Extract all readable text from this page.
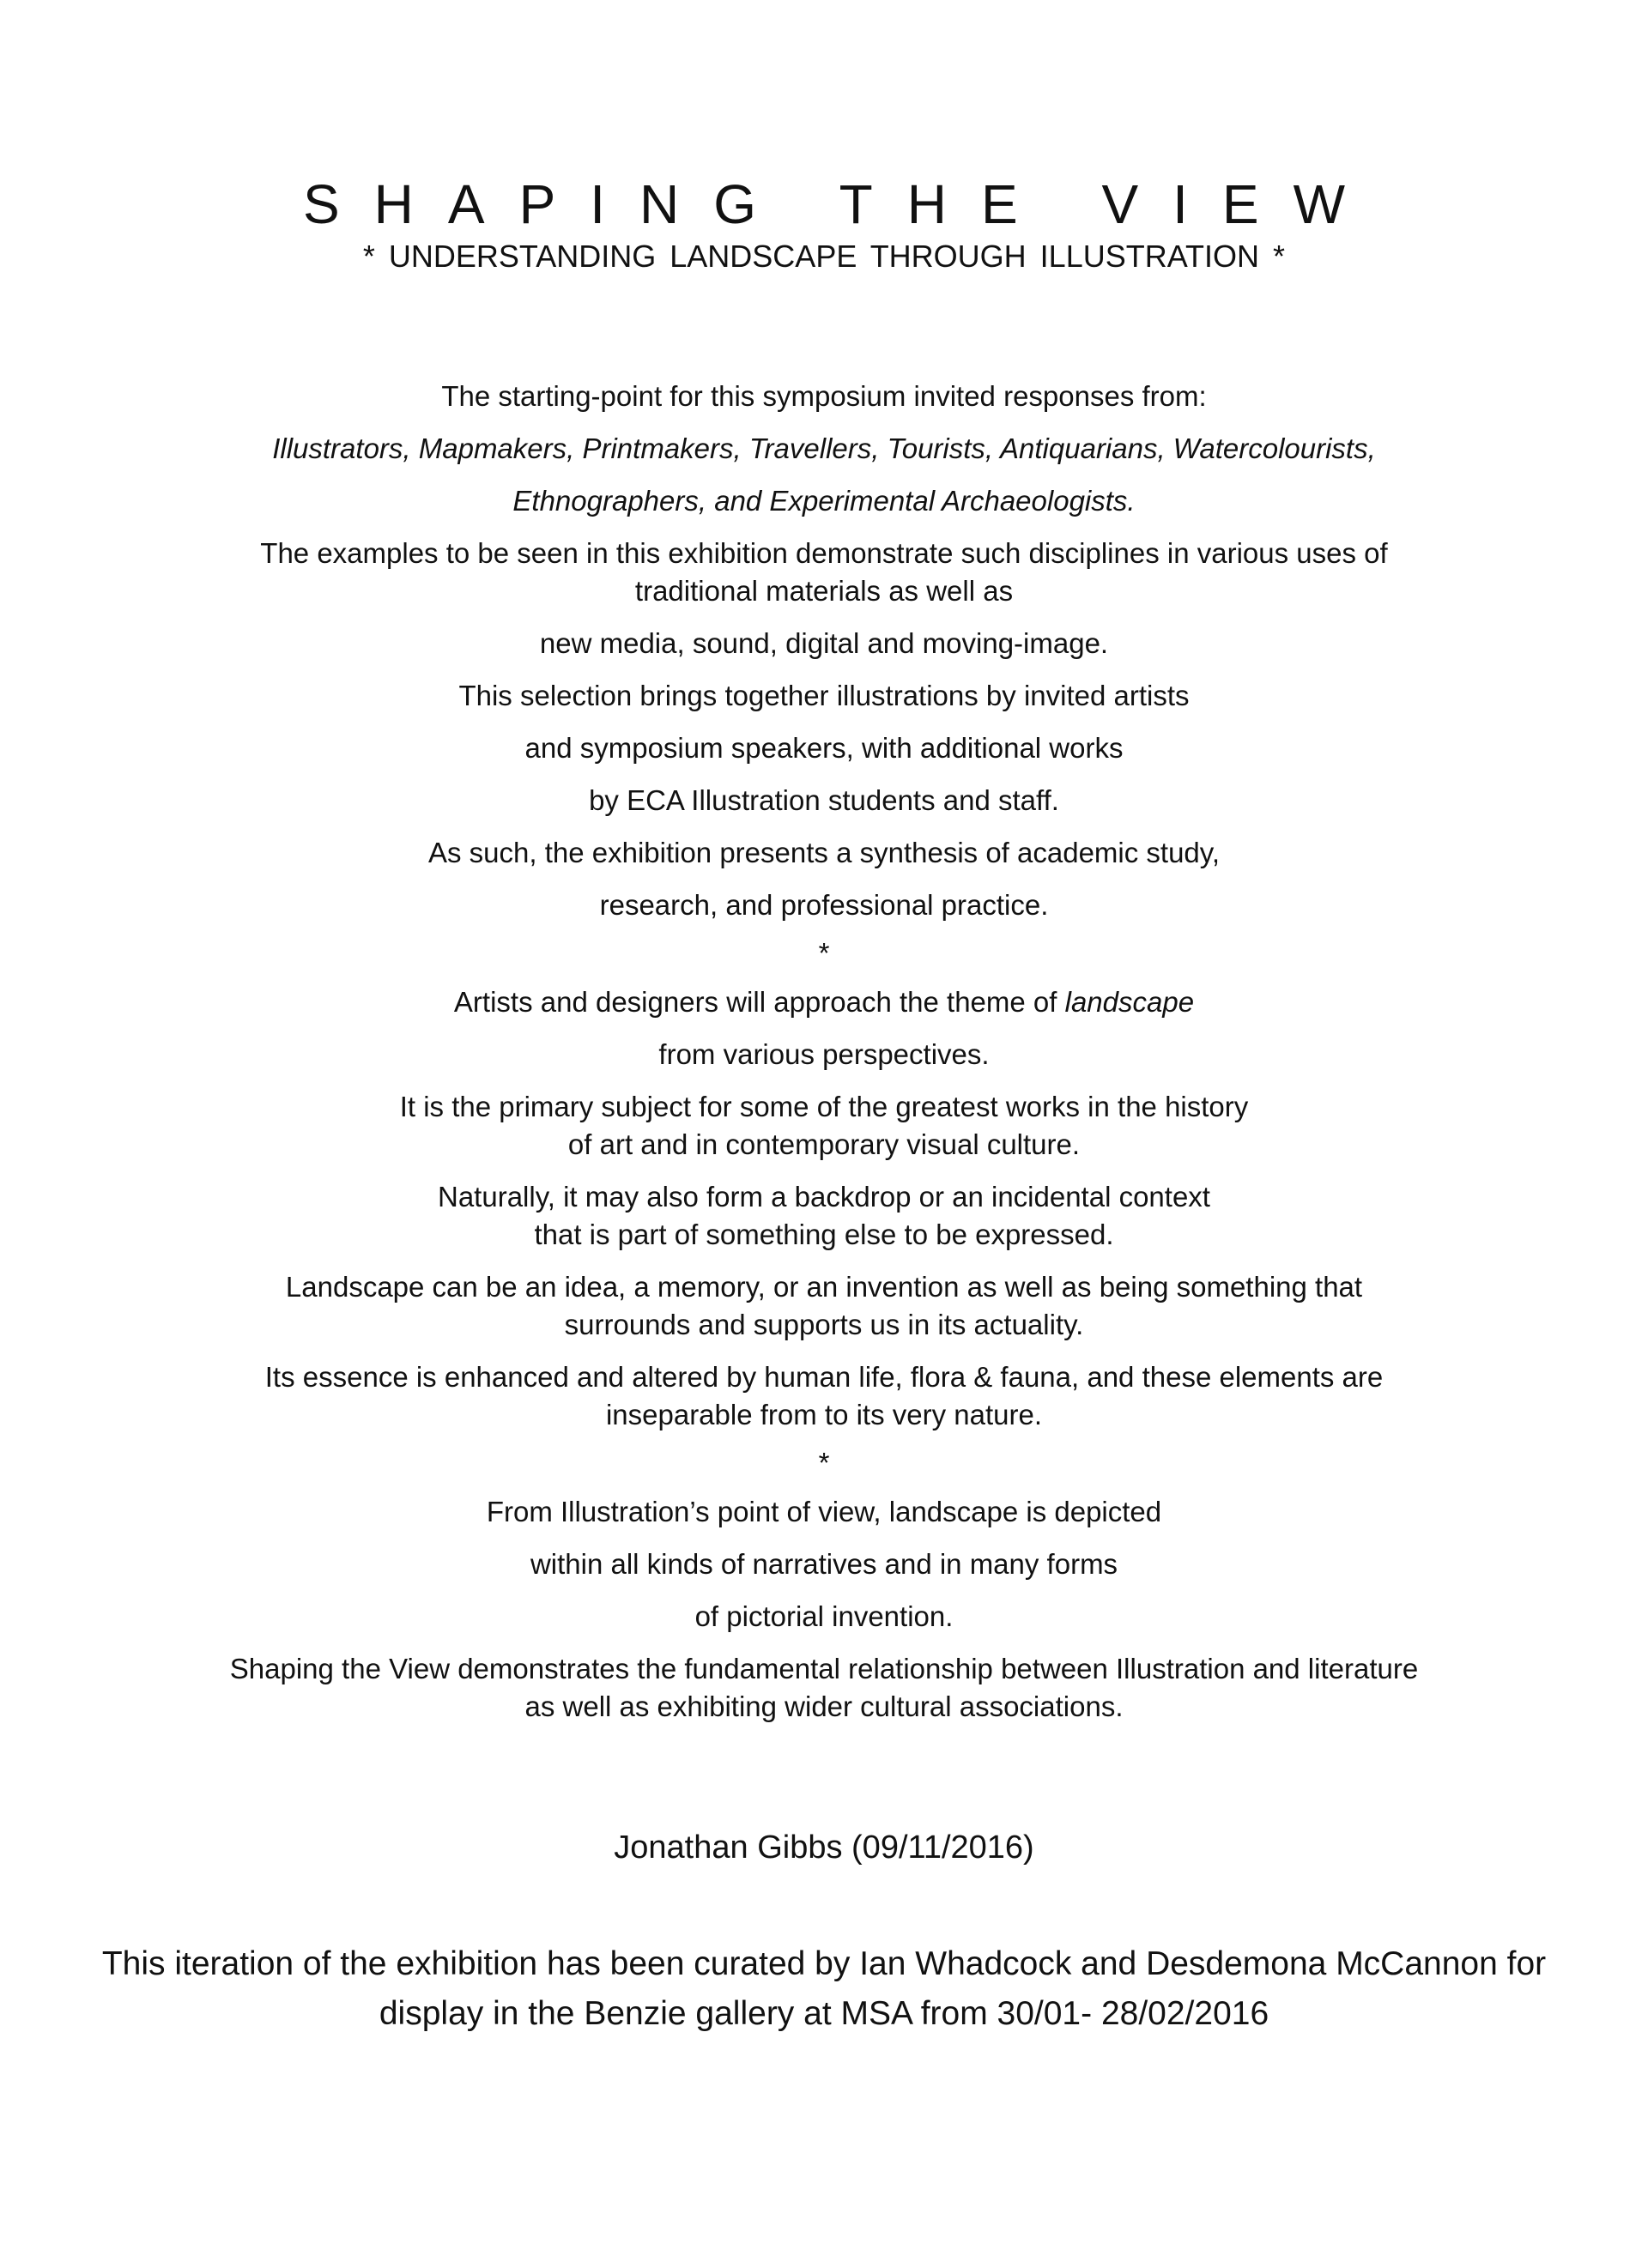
SHAPING THE VIEW

* UNDERSTANDING LANDSCAPE THROUGH ILLUSTRATION *

The starting-point for this symposium invited responses from:
Illustrators, Mapmakers, Printmakers, Travellers, Tourists, Antiquarians, Watercolourists,
Ethnographers, and Experimental Archaeologists.
The examples to be seen in this exhibition demonstrate such disciplines in various uses of
traditional materials as well as
new media, sound, digital and moving-image.
This selection brings together illustrations by invited artists
and symposium speakers, with additional works
by ECA Illustration students and staff.
As such, the exhibition presents a synthesis of academic study,
research, and professional practice.
*
Artists and designers will approach the theme of landscape
from various perspectives.
It is the primary subject for some of the greatest works in the history
of art and in contemporary visual culture.
Naturally, it may also form a backdrop or an incidental context
that is part of something else to be expressed.
Landscape can be an idea, a memory, or an invention as well as being something that
surrounds and supports us in its actuality.
Its essence is enhanced and altered by human life, flora & fauna, and these elements are
inseparable from to its very nature.
*
From Illustration’s point of view, landscape is depicted
within all kinds of narratives and in many forms
of pictorial invention.
Shaping the View demonstrates the fundamental relationship between Illustration and literature
as well as exhibiting wider cultural associations.
Jonathan Gibbs (09/11/2016)
This iteration of the exhibition has been curated by Ian Whadcock and Desdemona McCannon for
display in the Benzie gallery at MSA from 30/01- 28/02/2016
